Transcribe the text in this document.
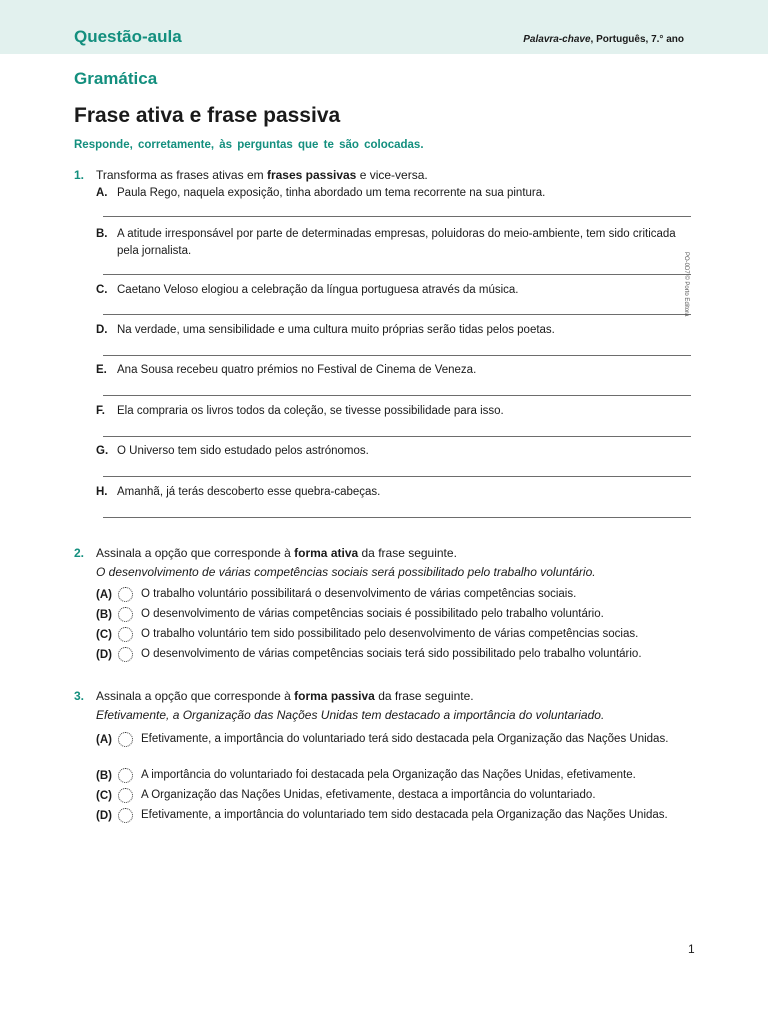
Questão-aula	Palavra-chave, Português, 7.° ano
Gramática
Frase ativa e frase passiva
Responde, corretamente, às perguntas que te são colocadas.
1. Transforma as frases ativas em frases passivas e vice-versa.
A. Paula Rego, naquela exposição, tinha abordado um tema recorrente na sua pintura.
B. A atitude irresponsável por parte de determinadas empresas, poluidoras do meio-ambiente, tem sido criticada pela jornalista.
C. Caetano Veloso elogiou a celebração da língua portuguesa através da música.
D. Na verdade, uma sensibilidade e uma cultura muito próprias serão tidas pelos poetas.
E. Ana Sousa recebeu quatro prémios no Festival de Cinema de Veneza.
F. Ela compraria os livros todos da coleção, se tivesse possibilidade para isso.
G. O Universo tem sido estudado pelos astrónomos.
H. Amanhã, já terás descoberto esse quebra-cabeças.
2. Assinala a opção que corresponde à forma ativa da frase seguinte.
O desenvolvimento de várias competências sociais será possibilitado pelo trabalho voluntário.
(A)	O trabalho voluntário possibilitará o desenvolvimento de várias competências sociais.
(B)	O desenvolvimento de várias competências sociais é possibilitado pelo trabalho voluntário.
(C)	O trabalho voluntário tem sido possibilitado pelo desenvolvimento de várias competências socias.
(D)	O desenvolvimento de várias competências sociais terá sido possibilitado pelo trabalho voluntário.
3. Assinala a opção que corresponde à forma passiva da frase seguinte.
Efetivamente, a Organização das Nações Unidas tem destacado a importância do voluntariado.
(A)	Efetivamente, a importância do voluntariado terá sido destacada pela Organização das Nações Unidas.
(B)	A importância do voluntariado foi destacada pela Organização das Nações Unidas, efetivamente.
(C)	A Organização das Nações Unidas, efetivamente, destaca a importância do voluntariado.
(D)	Efetivamente, a importância do voluntariado tem sido destacada pela Organização das Nações Unidas.
PO-0D7 © Porto Editora
1
